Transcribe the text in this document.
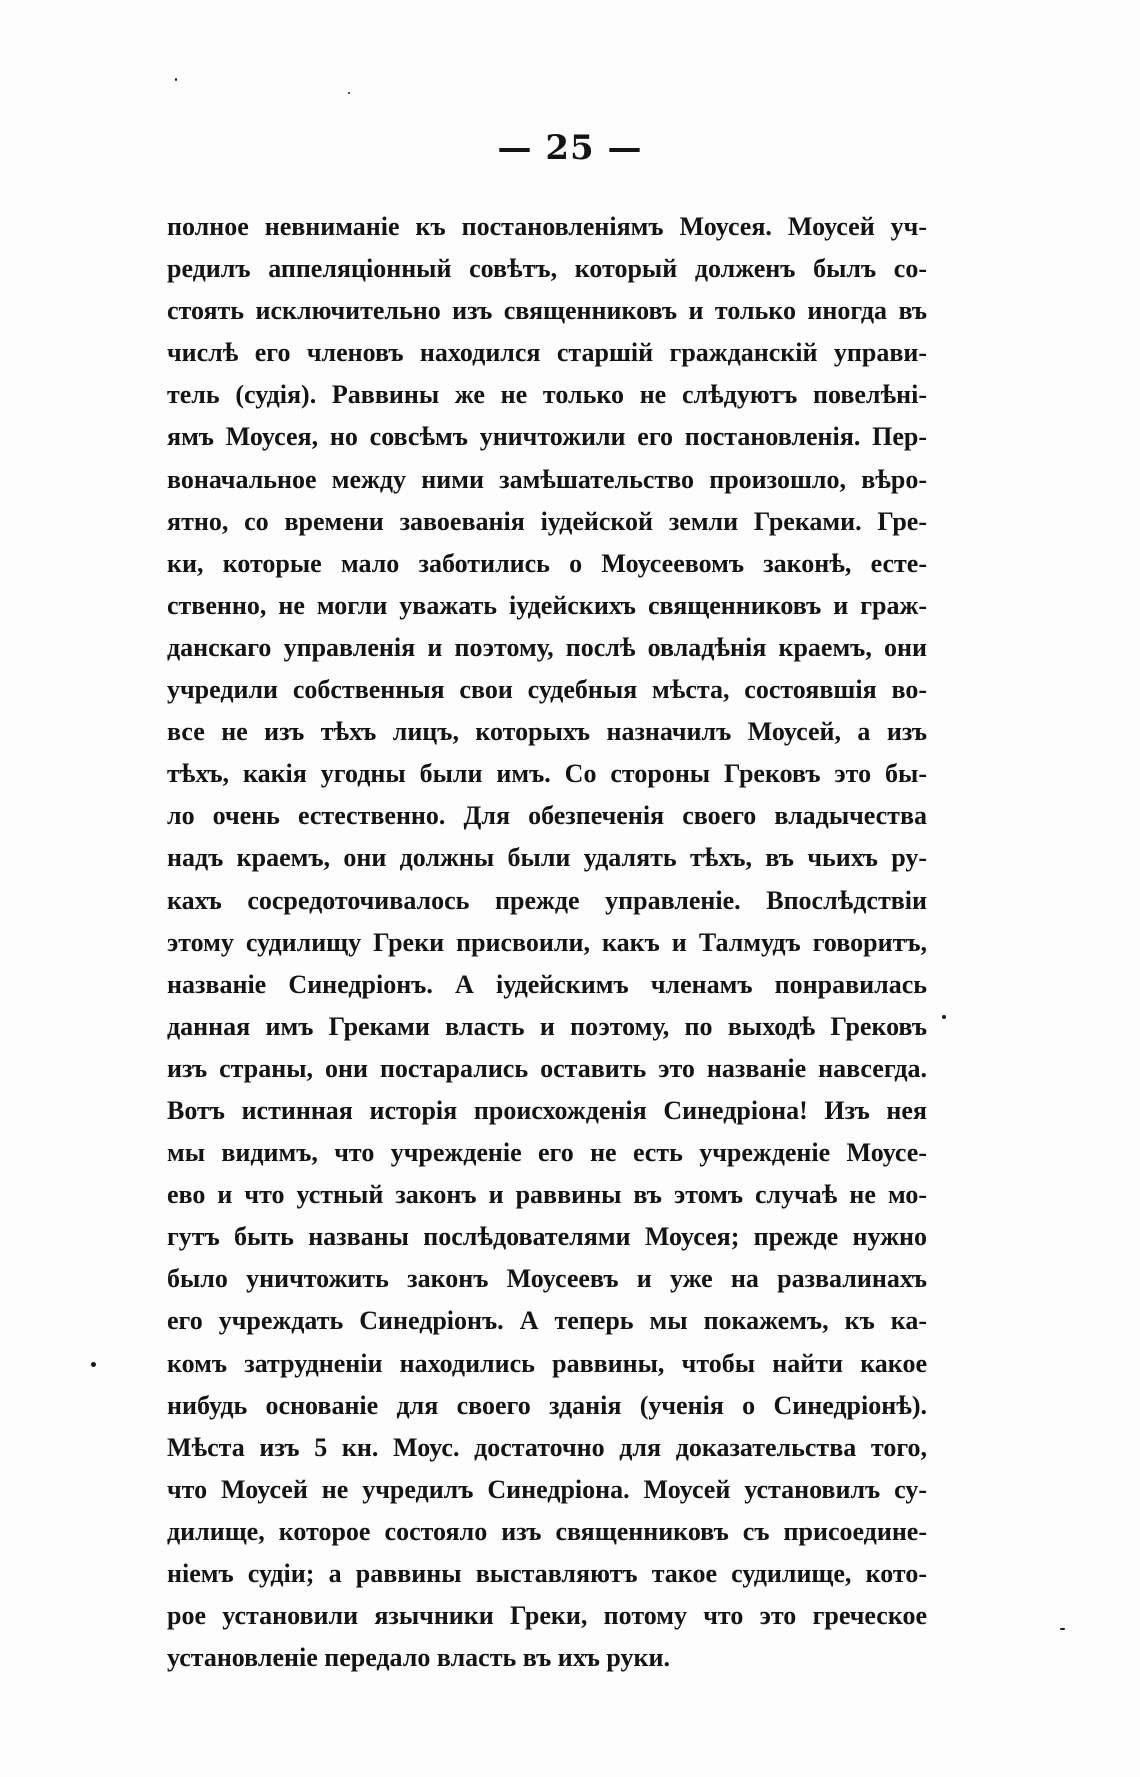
— 25 —
полное невниманіе къ постановленіямъ Моусея. Моусей уч-
редилъ аппеляціонный совѣтъ, который долженъ былъ со-
стоять исключительно изъ священниковъ и только иногда въ
числѣ его членовъ находился старшій гражданскій управи-
тель (судія). Раввины же не только не слѣдуютъ повелѣні-
ямъ Моусея, но совсѣмъ уничтожили его постановленія. Пер-
воначальное между ними замѣшательство произошло, вѣро-
ятно, со времени завоеванія іудейской земли Греками. Гре-
ки, которые мало заботились о Моусеевомъ законѣ, есте-
ственно, не могли уважать іудейскихъ священниковъ и граж-
данскаго управленія и поэтому, послѣ овладѣнія краемъ, они
учредили собственныя свои судебныя мѣста, состоявшія во-
все не изъ тѣхъ лицъ, которыхъ назначилъ Моусей, а изъ
тѣхъ, какія угодны были имъ. Со стороны Грековъ это бы-
ло очень естественно. Для обезпеченія своего владычества
надъ краемъ, они должны были удалять тѣхъ, въ чьихъ ру-
кахъ сосредоточивалось прежде управленіе. Впослѣдствіи
этому судилищу Греки присвоили, какъ и Талмудъ говоритъ,
названіе Синедріонъ. А іудейскимъ членамъ понравилась
данная имъ Греками власть и поэтому, по выходѣ Грековъ
изъ страны, они постарались оставить это названіе навсегда.
Вотъ истинная исторія происхожденія Синедріона! Изъ нея
мы видимъ, что учрежденіе его не есть учрежденіе Моусе-
ево и что устный законъ и раввины въ этомъ случаѣ не мо-
гутъ быть названы послѣдователями Моусея; прежде нужно
было уничтожить законъ Моусеевъ и уже на развалинахъ
его учреждать Синедріонъ. А теперь мы покажемъ, къ ка-
комъ затрудненіи находились раввины, чтобы найти какое
нибудь основаніе для своего зданія (ученія о Синедріонѣ).
Мѣста изъ 5 кн. Моус. достаточно для доказательства того,
что Моусей не учредилъ Синедріона. Моусей установилъ су-
дилище, которое состояло изъ священниковъ съ присоедине-
ніемъ судіи; а раввины выставляютъ такое судилище, кото-
рое установили язычники Греки, потому что это греческое
установленіе передало власть въ ихъ руки.
